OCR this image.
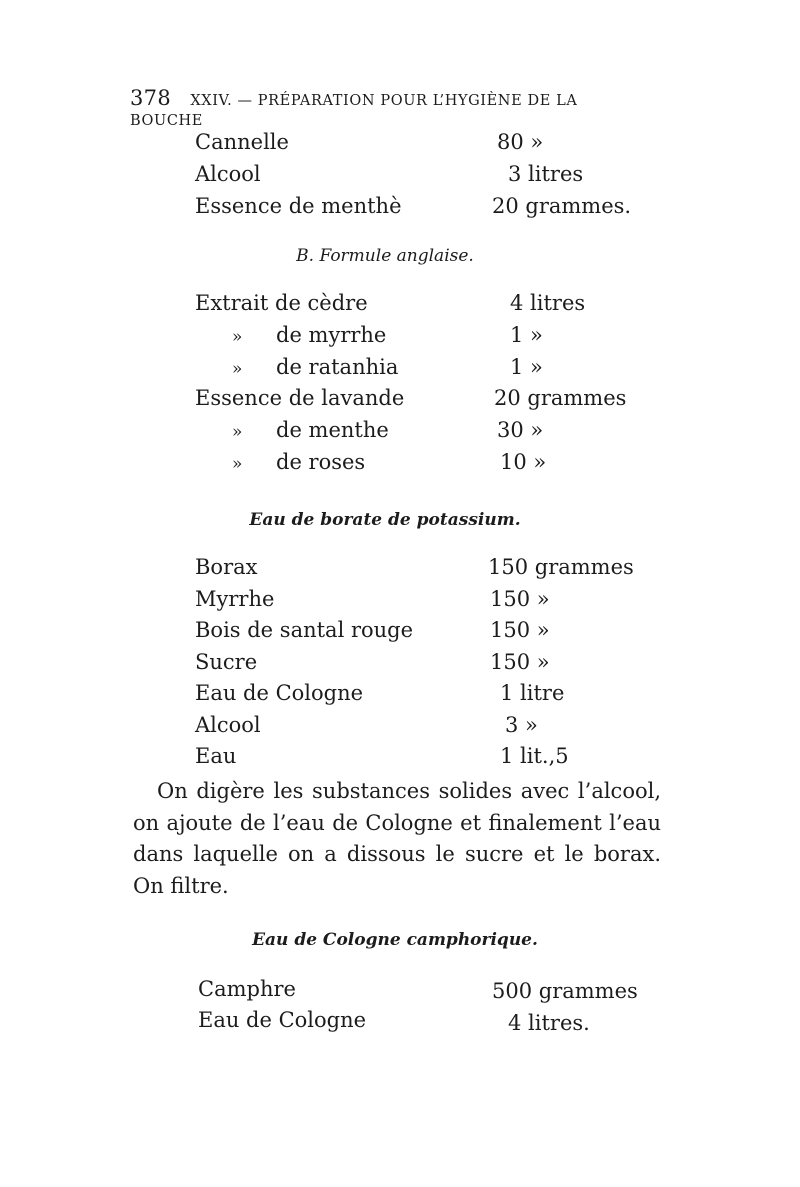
378 XXIV. — PRÉPARATION POUR L’HYGIÈNE DE LA BOUCHE
Cannelle	80 »
Alcool	3 litres
Essence de menthè	20 grammes.
B. Formule anglaise.
Extrait de cèdre	4 litres
» de myrrhe	1 »
» de ratanhia	1 »
Essence de lavande	20 grammes
» de menthe	30 »
» de roses	10 »
Eau de borate de potassium.
Borax	150 grammes
Myrrhe	150 »
Bois de santal rouge	150 »
Sucre	150 »
Eau de Cologne	1 litre
Alcool	3 »
Eau	1 lit.,5
On digère les substances solides avec l’alcool, on ajoute de l’eau de Cologne et finalement l’eau dans laquelle on a dissous le sucre et le borax. On filtre.
Eau de Cologne camphorique.
Camphre	500 grammes
Eau de Cologne	4 litres.
